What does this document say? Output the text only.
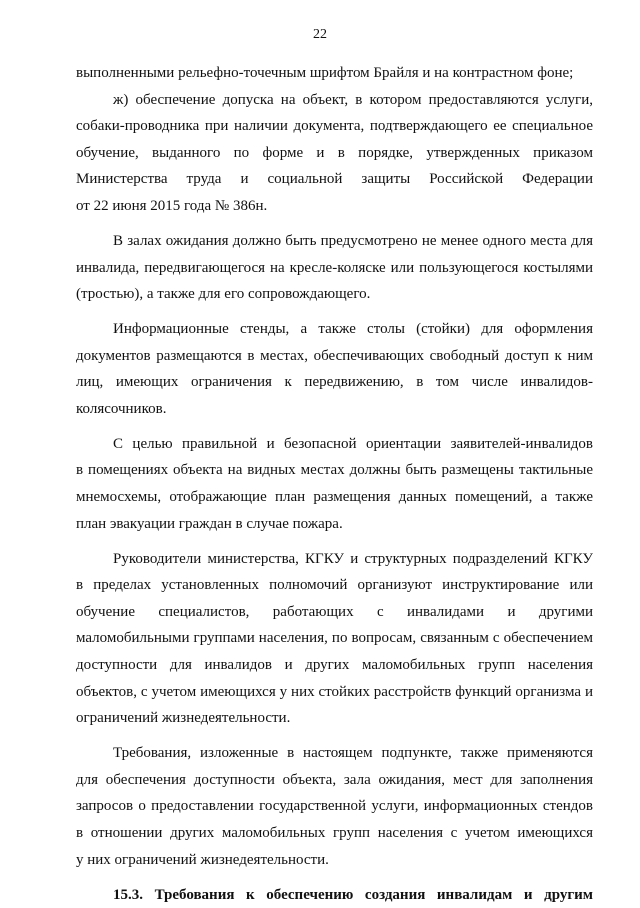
22
выполненными рельефно-точечным шрифтом Брайля и на контрастном фоне;
ж) обеспечение допуска на объект, в котором предоставляются услуги,
собаки-проводника при наличии документа, подтверждающего ее специальное
обучение, выданного по форме и в порядке, утвержденных приказом
Министерства труда и социальной защиты Российской Федерации
от 22 июня 2015 года № 386н.
В залах ожидания должно быть предусмотрено не менее одного места для
инвалида, передвигающегося на кресле-коляске или пользующегося костылями
(тростью), а также для его сопровождающего.
Информационные стенды, а также столы (стойки) для оформления
документов размещаются в местах, обеспечивающих свободный доступ к ним
лиц, имеющих ограничения к передвижению, в том числе инвалидов-
колясочников.
С целью правильной и безопасной ориентации заявителей-инвалидов
в помещениях объекта на видных местах должны быть размещены тактильные
мнемосхемы, отображающие план размещения данных помещений, а также
план эвакуации граждан в случае пожара.
Руководители министерства, КГКУ и структурных подразделений КГКУ
в пределах установленных полномочий организуют инструктирование или
обучение специалистов, работающих с инвалидами и другими
маломобильными группами населения, по вопросам, связанным с обеспечением
доступности для инвалидов и других маломобильных групп населения
объектов, с учетом имеющихся у них стойких расстройств функций организма и
ограничений жизнедеятельности.
Требования, изложенные в настоящем подпункте, также применяются
для обеспечения доступности объекта, зала ожидания, мест для заполнения
запросов о предоставлении государственной услуги, информационных стендов
в отношении других маломобильных групп населения с учетом имеющихся
у них ограничений жизнедеятельности.
15.3. Требования к обеспечению создания инвалидам и другим
